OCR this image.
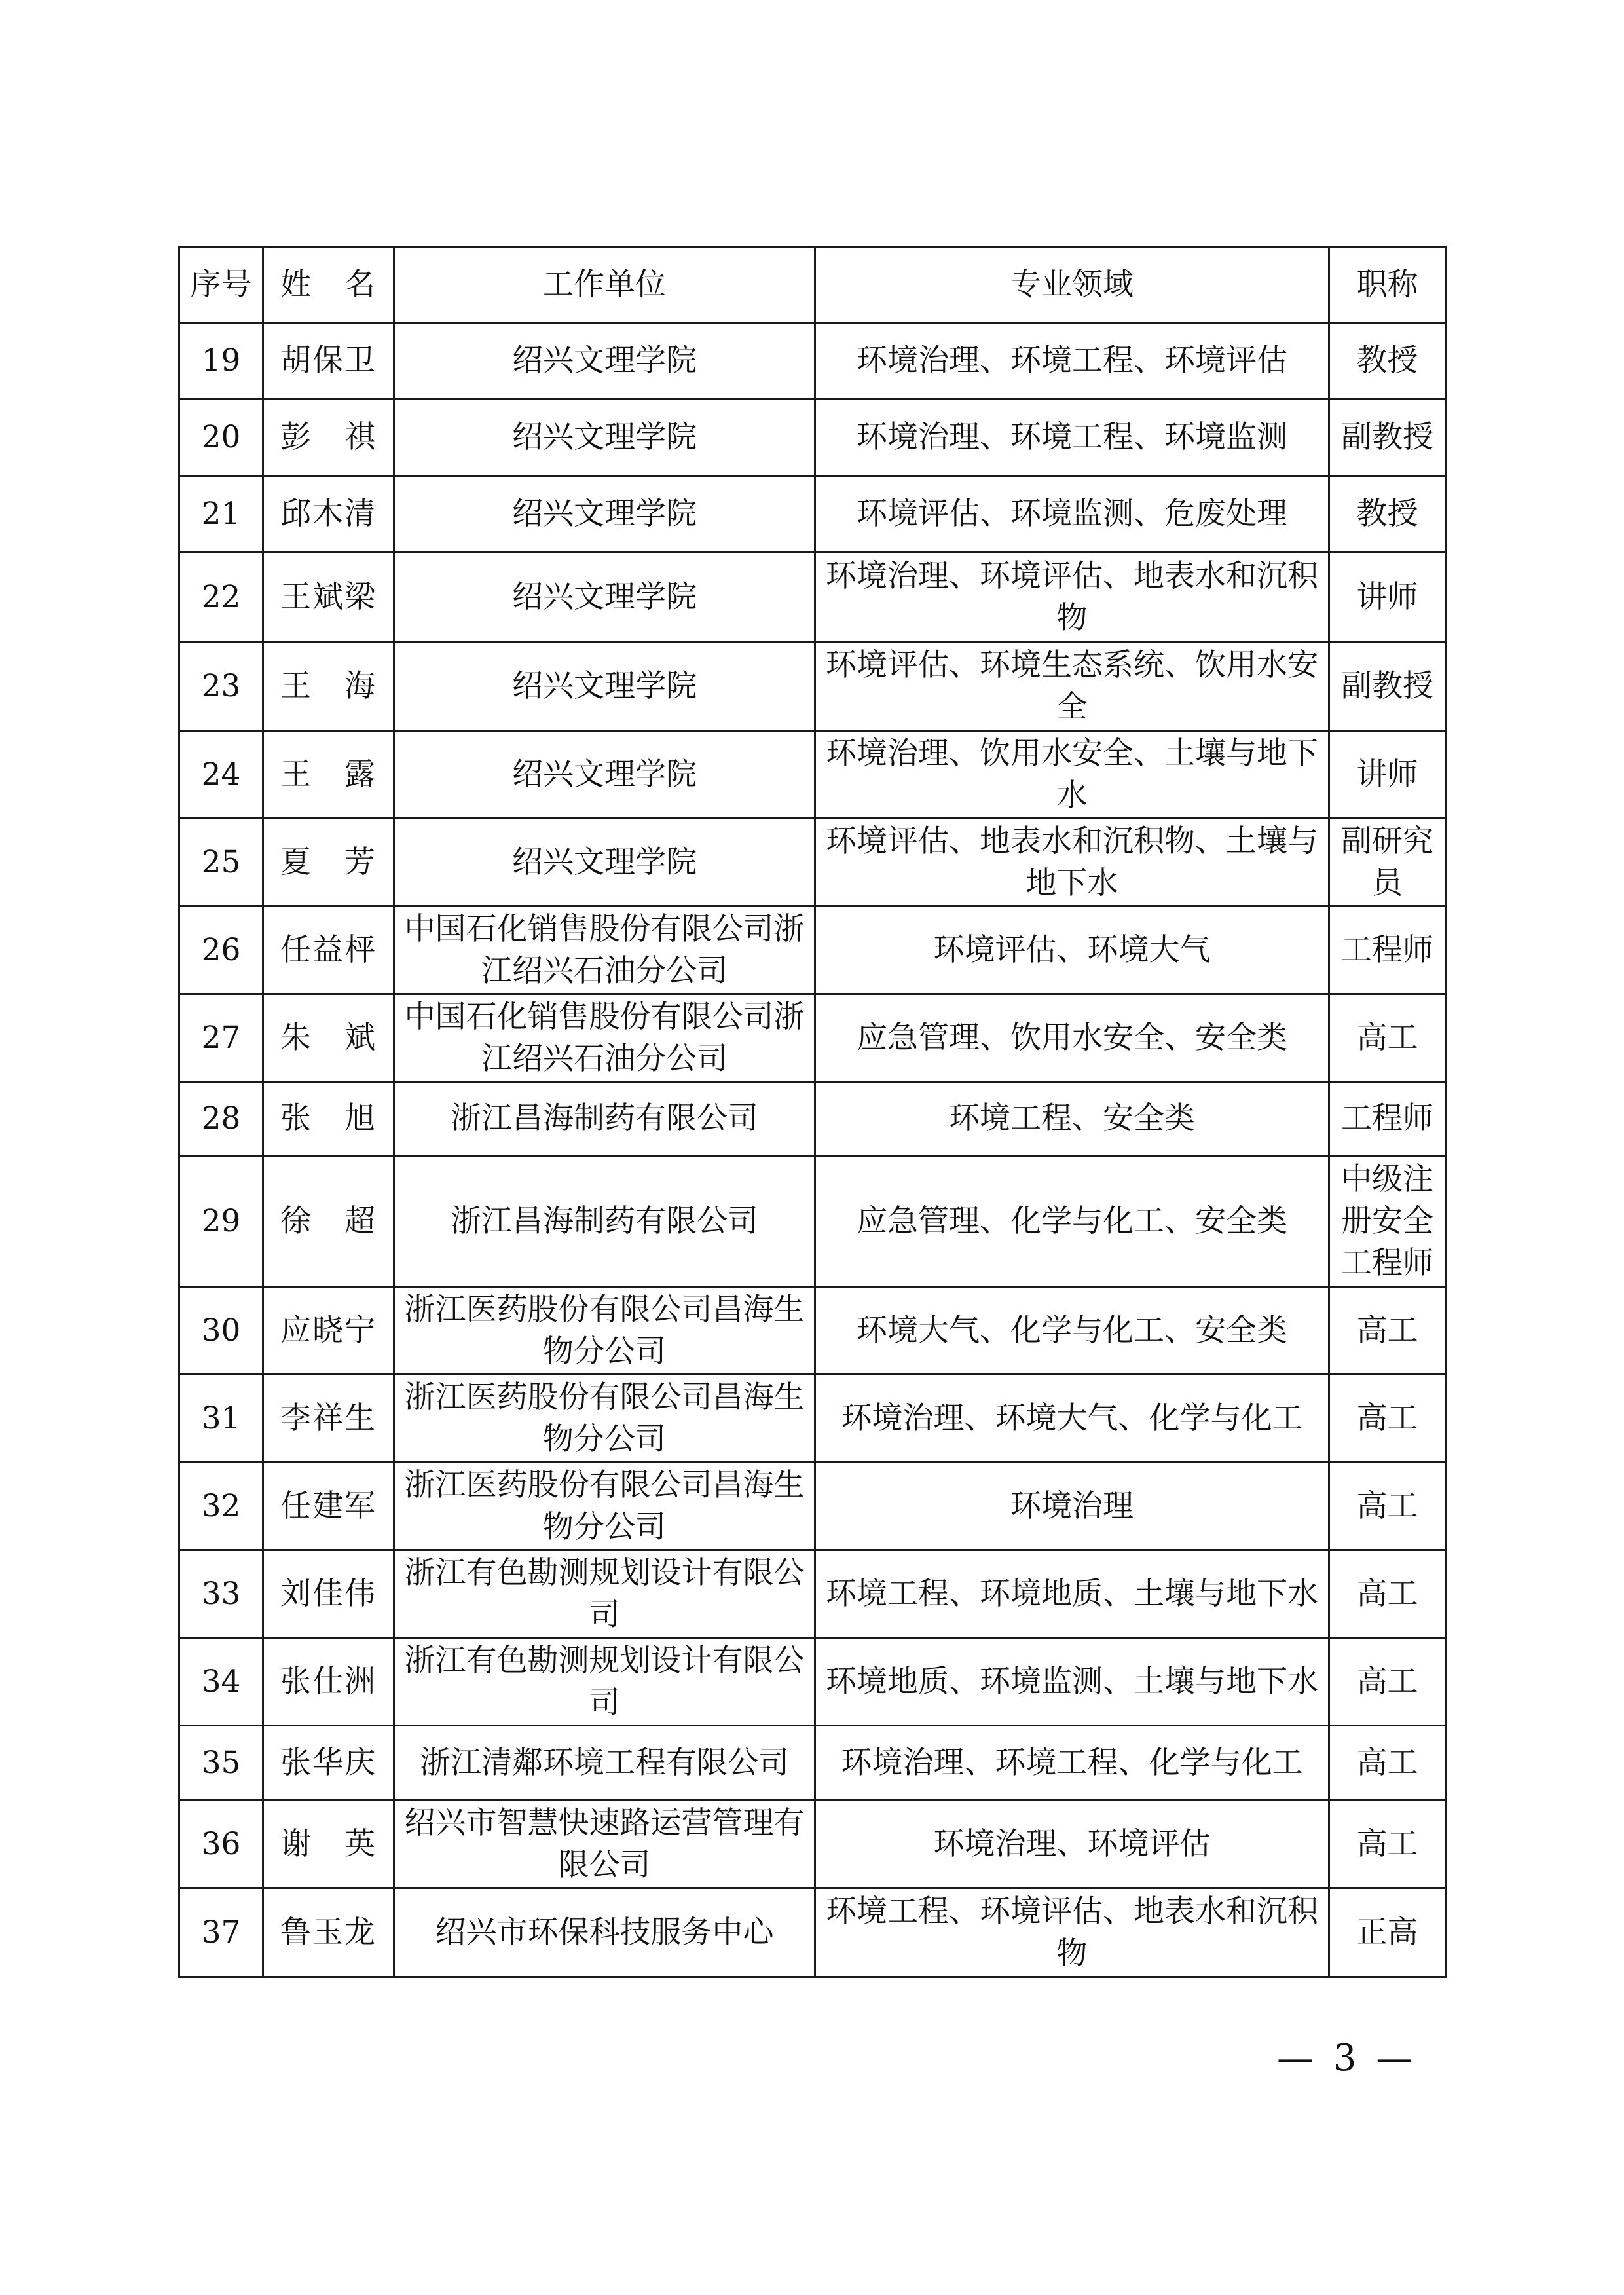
序号	姓　名	工作单位	专业领域	职称
19	胡保卫	绍兴文理学院	环境治理、环境工程、环境评估	教授
20	彭　祺	绍兴文理学院	环境治理、环境工程、环境监测	副教授
21	邱木清	绍兴文理学院	环境评估、环境监测、危废处理	教授
22	王斌梁	绍兴文理学院	环境治理、环境评估、地表水和沉积物	讲师
23	王　海	绍兴文理学院	环境评估、环境生态系统、饮用水安全	副教授
24	王　露	绍兴文理学院	环境治理、饮用水安全、土壤与地下水	讲师
25	夏　芳	绍兴文理学院	环境评估、地表水和沉积物、土壤与地下水	副研究员
26	任益枰	中国石化销售股份有限公司浙江绍兴石油分公司	环境评估、环境大气	工程师
27	朱　斌	中国石化销售股份有限公司浙江绍兴石油分公司	应急管理、饮用水安全、安全类	高工
28	张　旭	浙江昌海制药有限公司	环境工程、安全类	工程师
29	徐　超	浙江昌海制药有限公司	应急管理、化学与化工、安全类	中级注册安全工程师
30	应晓宁	浙江医药股份有限公司昌海生物分公司	环境大气、化学与化工、安全类	高工
31	李祥生	浙江医药股份有限公司昌海生物分公司	环境治理、环境大气、化学与化工	高工
32	任建军	浙江医药股份有限公司昌海生物分公司	环境治理	高工
33	刘佳伟	浙江有色勘测规划设计有限公司	环境工程、环境地质、土壤与地下水	高工
34	张仕洲	浙江有色勘测规划设计有限公司	环境地质、环境监测、土壤与地下水	高工
35	张华庆	浙江清鄰环境工程有限公司	环境治理、环境工程、化学与化工	高工
36	谢　英	绍兴市智慧快速路运营管理有限公司	环境治理、环境评估	高工
37	鲁玉龙	绍兴市环保科技服务中心	环境工程、环境评估、地表水和沉积物	正高
— 3 —
